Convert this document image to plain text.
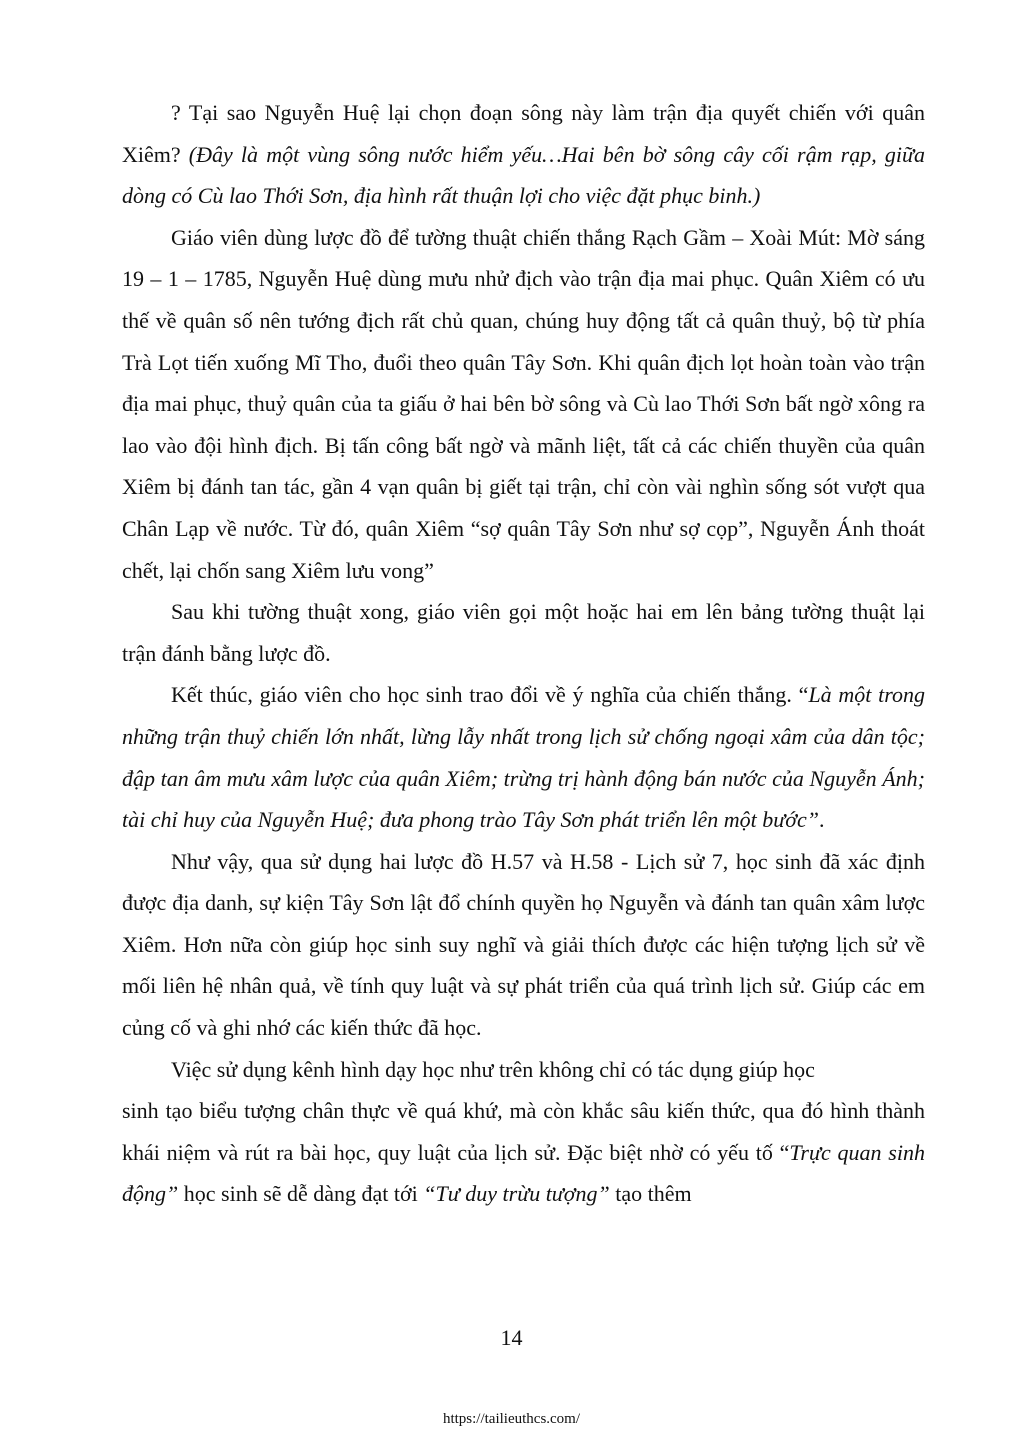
? Tại sao Nguyễn Huệ lại chọn đoạn sông này làm trận địa quyết chiến với quân Xiêm? (Đây là một vùng sông nước hiểm yếu…Hai bên bờ sông cây cối rậm rạp, giữa dòng có Cù lao Thới Sơn, địa hình rất thuận lợi cho việc đặt phục binh.)

Giáo viên dùng lược đồ để tường thuật chiến thắng Rạch Gầm – Xoài Mút: Mờ sáng 19 – 1 – 1785, Nguyễn Huệ dùng mưu nhử địch vào trận địa mai phục. Quân Xiêm có ưu thế về quân số nên tướng địch rất chủ quan, chúng huy động tất cả quân thuỷ, bộ từ phía Trà Lọt tiến xuống Mĩ Tho, đuổi theo quân Tây Sơn. Khi quân địch lọt hoàn toàn vào trận địa mai phục, thuỷ quân của ta giấu ở hai bên bờ sông và Cù lao Thới Sơn bất ngờ xông ra lao vào đội hình địch. Bị tấn công bất ngờ và mãnh liệt, tất cả các chiến thuyền của quân Xiêm bị đánh tan tác, gần 4 vạn quân bị giết tại trận, chỉ còn vài nghìn sống sót vượt qua Chân Lạp về nước. Từ đó, quân Xiêm “sợ quân Tây Sơn như sợ cọp”, Nguyễn Ánh thoát chết, lại chốn sang Xiêm lưu vong”

Sau khi tường thuật xong, giáo viên gọi một hoặc hai em lên bảng tường thuật lại trận đánh bằng lược đồ.

Kết thúc, giáo viên cho học sinh trao đổi về ý nghĩa của chiến thắng. “Là một trong những trận thuỷ chiến lớn nhất, lừng lẫy nhất trong lịch sử chống ngoại xâm của dân tộc; đập tan âm mưu xâm lược của quân Xiêm; trừng trị hành động bán nước của Nguyễn Ánh; tài chỉ huy của Nguyễn Huệ; đưa phong trào Tây Sơn phát triển lên một bước”.

Như vậy, qua sử dụng hai lược đồ H.57 và H.58 - Lịch sử 7, học sinh đã xác định được địa danh, sự kiện Tây Sơn lật đổ chính quyền họ Nguyễn và đánh tan quân xâm lược Xiêm. Hơn nữa còn giúp học sinh suy nghĩ và giải thích được các hiện tượng lịch sử về mối liên hệ nhân quả, về tính quy luật và sự phát triển của quá trình lịch sử. Giúp các em củng cố và ghi nhớ các kiến thức đã học.

Việc sử dụng kênh hình dạy học như trên không chỉ có tác dụng giúp học

sinh tạo biểu tượng chân thực về quá khứ, mà còn khắc sâu kiến thức, qua đó hình thành khái niệm và rút ra bài học, quy luật của lịch sử. Đặc biệt nhờ có yếu tố “Trực quan sinh động” học sinh sẽ dễ dàng đạt tới “Tư duy trừu tượng” tạo thêm

14
https://tailieuthcs.com/
